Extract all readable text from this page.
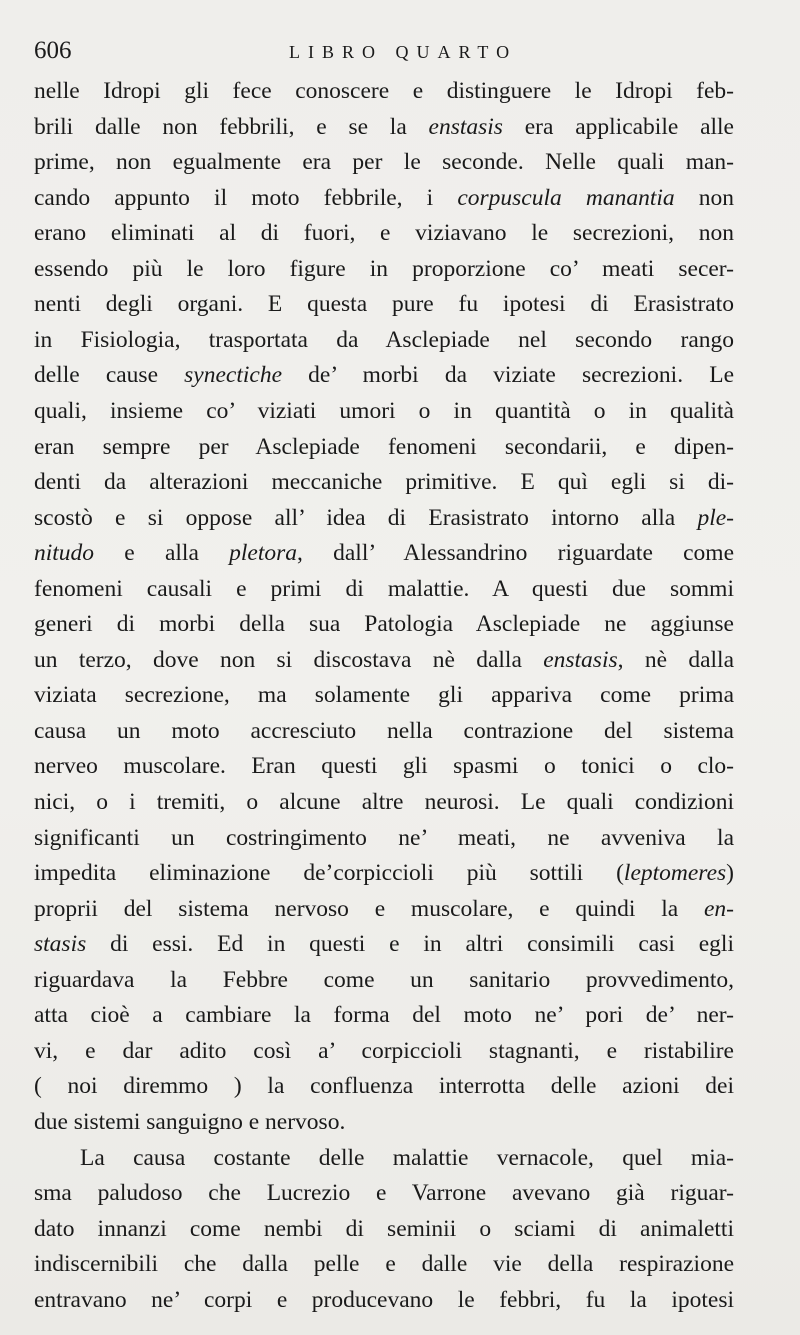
606	LIBRO QUARTO
nelle Idropi gli fece conoscere e distinguere le Idropi feb-
brili dalle non febbrili, e se la enstasis era applicabile alle
prime, non egualmente era per le seconde. Nelle quali man-
cando appunto il moto febbrile, i corpuscula manantia non
erano eliminati al di fuori, e viziavano le secrezioni, non
essendo più le loro figure in proporzione co’ meati secer-
nenti degli organi. E questa pure fu ipotesi di Erasistrato
in Fisiologia, trasportata da Asclepiade nel secondo rango
delle cause synectiche de’ morbi da viziate secrezioni. Le
quali, insieme co’ viziati umori o in quantità o in qualità
eran sempre per Asclepiade fenomeni secondarii, e dipen-
denti da alterazioni meccaniche primitive. E quì egli si di-
scostò e si oppose all’ idea di Erasistrato intorno alla ple-
nitudo e alla pletora, dall’ Alessandrino riguardate come
fenomeni causali e primi di malattie. A questi due sommi
generi di morbi della sua Patologia Asclepiade ne aggiunse
un terzo, dove non si discostava nè dalla enstasis, nè dalla
viziata secrezione, ma solamente gli appariva come prima
causa un moto accresciuto nella contrazione del sistema
nerveo muscolare. Eran questi gli spasmi o tonici o clo-
nici, o i tremiti, o alcune altre neurosi. Le quali condizioni
significanti un costringimento ne’ meati, ne avveniva la
impedita eliminazione de’corpiccioli più sottili (leptomeres)
proprii del sistema nervoso e muscolare, e quindi la en-
stasis di essi. Ed in questi e in altri consimili casi egli
riguardava la Febbre come un sanitario provvedimento,
atta cioè a cambiare la forma del moto ne’ pori de’ ner-
vi, e dar adito così a’ corpiccioli stagnanti, e ristabilire
( noi diremmo ) la confluenza interrotta delle azioni dei
due sistemi sanguigno e nervoso.
La causa costante delle malattie vernacole, quel mia-
sma paludoso che Lucrezio e Varrone avevano già riguar-
dato innanzi come nembi di seminii o sciami di animaletti
indiscernibili che dalla pelle e dalle vie della respirazione
entravano ne’ corpi e producevano le febbri, fu la ipotesi
